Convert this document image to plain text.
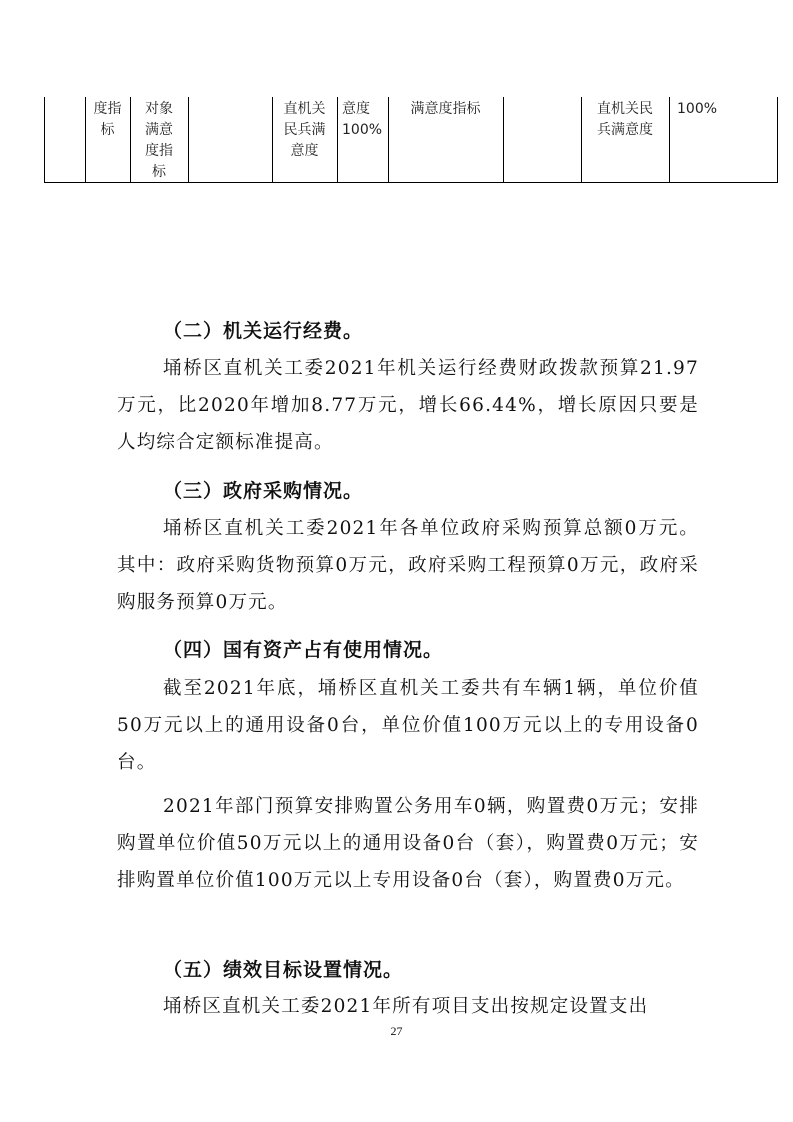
度指
标
对象
满意
度指
标
直机关
民兵满
意度
意度
100%
满意度指标	直机关民
兵满意度
100%
（二）机关运行经费。
埇桥区直机关工委2021年机关运行经费财政拨款预算21.97万元，比2020年增加8.77万元，增长66.44%，增长原因只要是人均综合定额标准提高。
（三）政府采购情况。
埇桥区直机关工委2021年各单位政府采购预算总额0万元。其中：政府采购货物预算0万元，政府采购工程预算0万元，政府采购服务预算0万元。
（四）国有资产占有使用情况。
截至2021年底，埇桥区直机关工委共有车辆1辆，单位价值50万元以上的通用设备0台，单位价值100万元以上的专用设备0台。
2021年部门预算安排购置公务用车0辆，购置费0万元；安排购置单位价值50万元以上的通用设备0台（套），购置费0万元；安排购置单位价值100万元以上专用设备0台（套），购置费0万元。
（五）绩效目标设置情况。
埇桥区直机关工委2021年所有项目支出按规定设置支出
27
